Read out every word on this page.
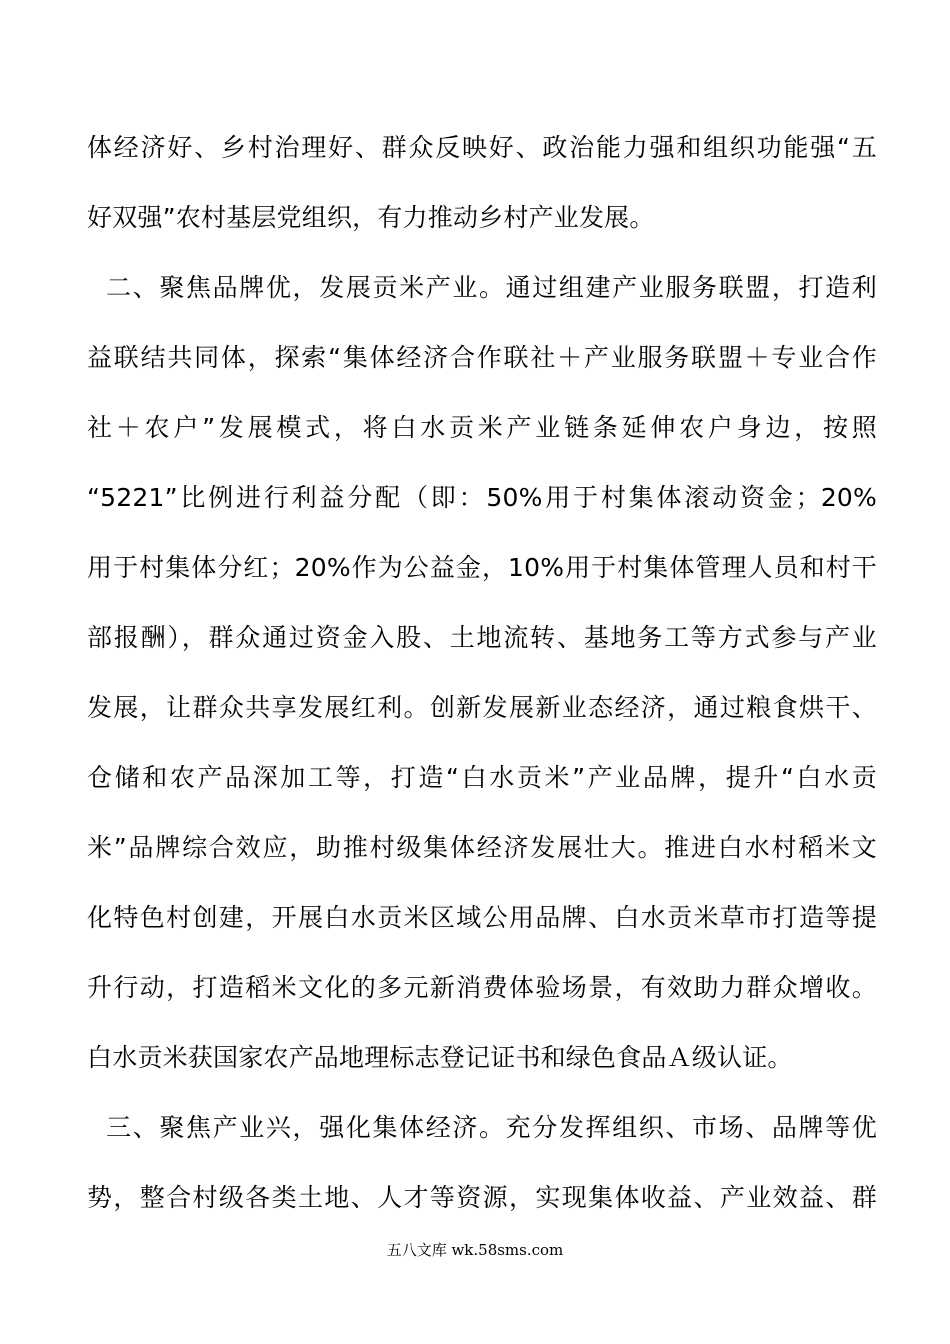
体经济好、乡村治理好、群众反映好、政治能力强和组织功能强“五
好双强”农村基层党组织，有力推动乡村产业发展。
二、聚焦品牌优，发展贡米产业。通过组建产业服务联盟，打造利
益联结共同体，探索“集体经济合作联社＋产业服务联盟＋专业合作
社＋农户”发展模式，将白水贡米产业链条延伸农户身边，按照
“5221”比例进行利益分配（即：50%用于村集体滚动资金；20%
用于村集体分红；20%作为公益金，10%用于村集体管理人员和村干
部报酬），群众通过资金入股、土地流转、基地务工等方式参与产业
发展，让群众共享发展红利。创新发展新业态经济，通过粮食烘干、
仓储和农产品深加工等，打造“白水贡米”产业品牌，提升“白水贡
米”品牌综合效应，助推村级集体经济发展壮大。推进白水村稻米文
化特色村创建，开展白水贡米区域公用品牌、白水贡米草市打造等提
升行动，打造稻米文化的多元新消费体验场景，有效助力群众增收。
白水贡米获国家农产品地理标志登记证书和绿色食品Ａ级认证。
三、聚焦产业兴，强化集体经济。充分发挥组织、市场、品牌等优
势，整合村级各类土地、人才等资源，实现集体收益、产业效益、群
五八文库 wk.58sms.com
